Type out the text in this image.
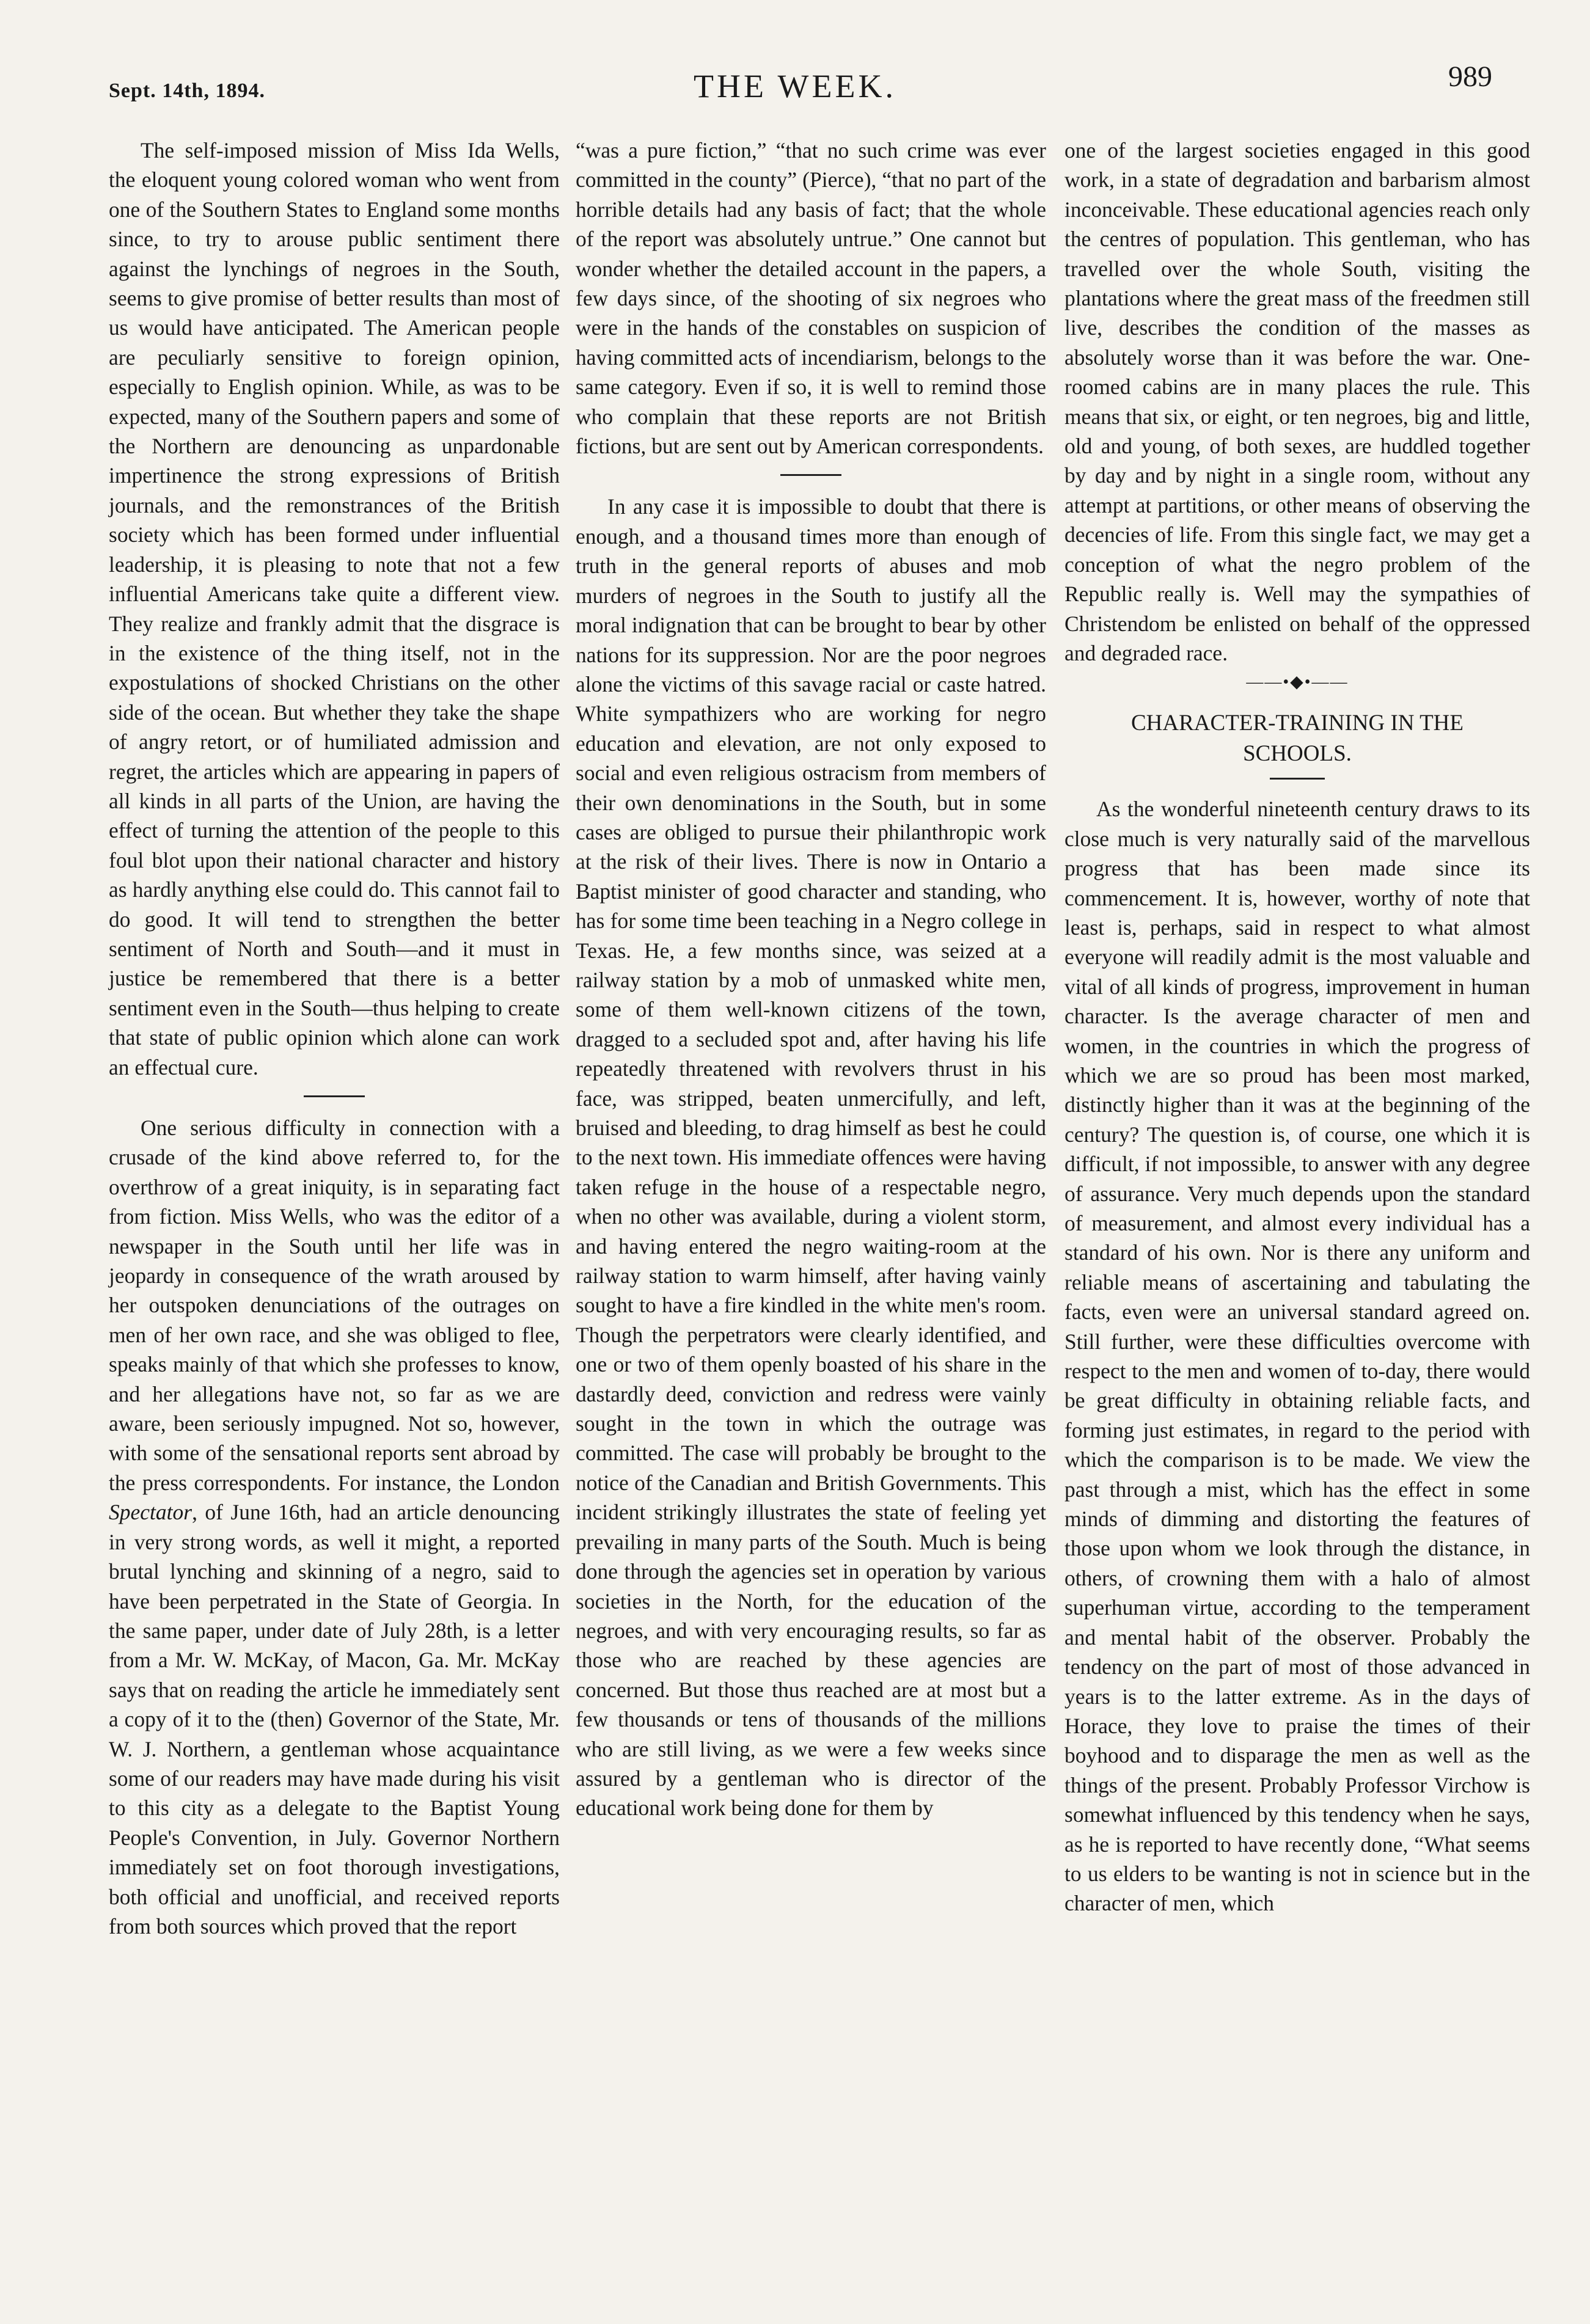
Sept. 14th, 1894.	THE WEEK.	989

The self-imposed mission of Miss Ida Wells, the eloquent young colored woman who went from one of the Southern States to England some months since, to try to arouse public sentiment there against the lynchings of negroes in the South, seems to give promise of better results than most of us would have anticipated. The American people are peculiarly sensitive to foreign opinion, especially to English opinion. While, as was to be expected, many of the Southern papers and some of the Northern are denouncing as unpardonable impertinence the strong expressions of British journals, and the remonstrances of the British society which has been formed under influential leadership, it is pleasing to note that not a few influential Americans take quite a different view. They realize and frankly admit that the disgrace is in the existence of the thing itself, not in the expostulations of shocked Christians on the other side of the ocean. But whether they take the shape of angry retort, or of humiliated admission and regret, the articles which are appearing in papers of all kinds in all parts of the Union, are having the effect of turning the attention of the people to this foul blot upon their national character and history as hardly anything else could do. This cannot fail to do good. It will tend to strengthen the better sentiment of North and South—and it must in justice be remembered that there is a better sentiment even in the South—thus helping to create that state of public opinion which alone can work an effectual cure.

One serious difficulty in connection with a crusade of the kind above referred to, for the overthrow of a great iniquity, is in separating fact from fiction. Miss Wells, who was the editor of a newspaper in the South until her life was in jeopardy in consequence of the wrath aroused by her outspoken denunciations of the outrages on men of her own race, and she was obliged to flee, speaks mainly of that which she professes to know, and her allegations have not, so far as we are aware, been seriously impugned. Not so, however, with some of the sensational reports sent abroad by the press correspondents. For instance, the London Spectator, of June 16th, had an article denouncing in very strong words, as well it might, a reported brutal lynching and skinning of a negro, said to have been perpetrated in the State of Georgia. In the same paper, under date of July 28th, is a letter from a Mr. W. McKay, of Macon, Ga. Mr. McKay says that on reading the article he immediately sent a copy of it to the (then) Governor of the State, Mr. W. J. Northern, a gentleman whose acquaintance some of our readers may have made during his visit to this city as a delegate to the Baptist Young People's Convention, in July. Governor Northern immediately set on foot thorough investigations, both official and unofficial, and received reports from both sources which proved that the report

“was a pure fiction,” “that no such crime was ever committed in the county” (Pierce), “that no part of the horrible details had any basis of fact; that the whole of the report was absolutely untrue.” One cannot but wonder whether the detailed account in the papers, a few days since, of the shooting of six negroes who were in the hands of the constables on suspicion of having committed acts of incendiarism, belongs to the same category. Even if so, it is well to remind those who complain that these reports are not British fictions, but are sent out by American correspondents.

In any case it is impossible to doubt that there is enough, and a thousand times more than enough of truth in the general reports of abuses and mob murders of negroes in the South to justify all the moral indignation that can be brought to bear by other nations for its suppression. Nor are the poor negroes alone the victims of this savage racial or caste hatred. White sympathizers who are working for negro education and elevation, are not only exposed to social and even religious ostracism from members of their own denominations in the South, but in some cases are obliged to pursue their philanthropic work at the risk of their lives. There is now in Ontario a Baptist minister of good character and standing, who has for some time been teaching in a Negro college in Texas. He, a few months since, was seized at a railway station by a mob of unmasked white men, some of them well-known citizens of the town, dragged to a secluded spot and, after having his life repeatedly threatened with revolvers thrust in his face, was stripped, beaten unmercifully, and left, bruised and bleeding, to drag himself as best he could to the next town. His immediate offences were having taken refuge in the house of a respectable negro, when no other was available, during a violent storm, and having entered the negro waiting-room at the railway station to warm himself, after having vainly sought to have a fire kindled in the white men's room. Though the perpetrators were clearly identified, and one or two of them openly boasted of his share in the dastardly deed, conviction and redress were vainly sought in the town in which the outrage was committed. The case will probably be brought to the notice of the Canadian and British Governments. This incident strikingly illustrates the state of feeling yet prevailing in many parts of the South. Much is being done through the agencies set in operation by various societies in the North, for the education of the negroes, and with very encouraging results, so far as those who are reached by these agencies are concerned. But those thus reached are at most but a few thousands or tens of thousands of the millions who are still living, as we were a few weeks since assured by a gentleman who is director of the educational work being done for them by

one of the largest societies engaged in this good work, in a state of degradation and barbarism almost inconceivable. These educational agencies reach only the centres of population. This gentleman, who has travelled over the whole South, visiting the plantations where the great mass of the freedmen still live, describes the condition of the masses as absolutely worse than it was before the war. One-roomed cabins are in many places the rule. This means that six, or eight, or ten negroes, big and little, old and young, of both sexes, are huddled together by day and by night in a single room, without any attempt at partitions, or other means of observing the decencies of life. From this single fact, we may get a conception of what the negro problem of the Republic really is. Well may the sympathies of Christendom be enlisted on behalf of the oppressed and degraded race.

——•◆•——
CHARACTER-TRAINING IN THE
SCHOOLS.

As the wonderful nineteenth century draws to its close much is very naturally said of the marvellous progress that has been made since its commencement. It is, however, worthy of note that least is, perhaps, said in respect to what almost everyone will readily admit is the most valuable and vital of all kinds of progress, improvement in human character. Is the average character of men and women, in the countries in which the progress of which we are so proud has been most marked, distinctly higher than it was at the beginning of the century? The question is, of course, one which it is difficult, if not impossible, to answer with any degree of assurance. Very much depends upon the standard of measurement, and almost every individual has a standard of his own. Nor is there any uniform and reliable means of ascertaining and tabulating the facts, even were an universal standard agreed on. Still further, were these difficulties overcome with respect to the men and women of to-day, there would be great difficulty in obtaining reliable facts, and forming just estimates, in regard to the period with which the comparison is to be made. We view the past through a mist, which has the effect in some minds of dimming and distorting the features of those upon whom we look through the distance, in others, of crowning them with a halo of almost superhuman virtue, according to the temperament and mental habit of the observer. Probably the tendency on the part of most of those advanced in years is to the latter extreme. As in the days of Horace, they love to praise the times of their boyhood and to disparage the men as well as the things of the present. Probably Professor Virchow is somewhat influenced by this tendency when he says, as he is reported to have recently done, “What seems to us elders to be wanting is not in science but in the character of men, which
